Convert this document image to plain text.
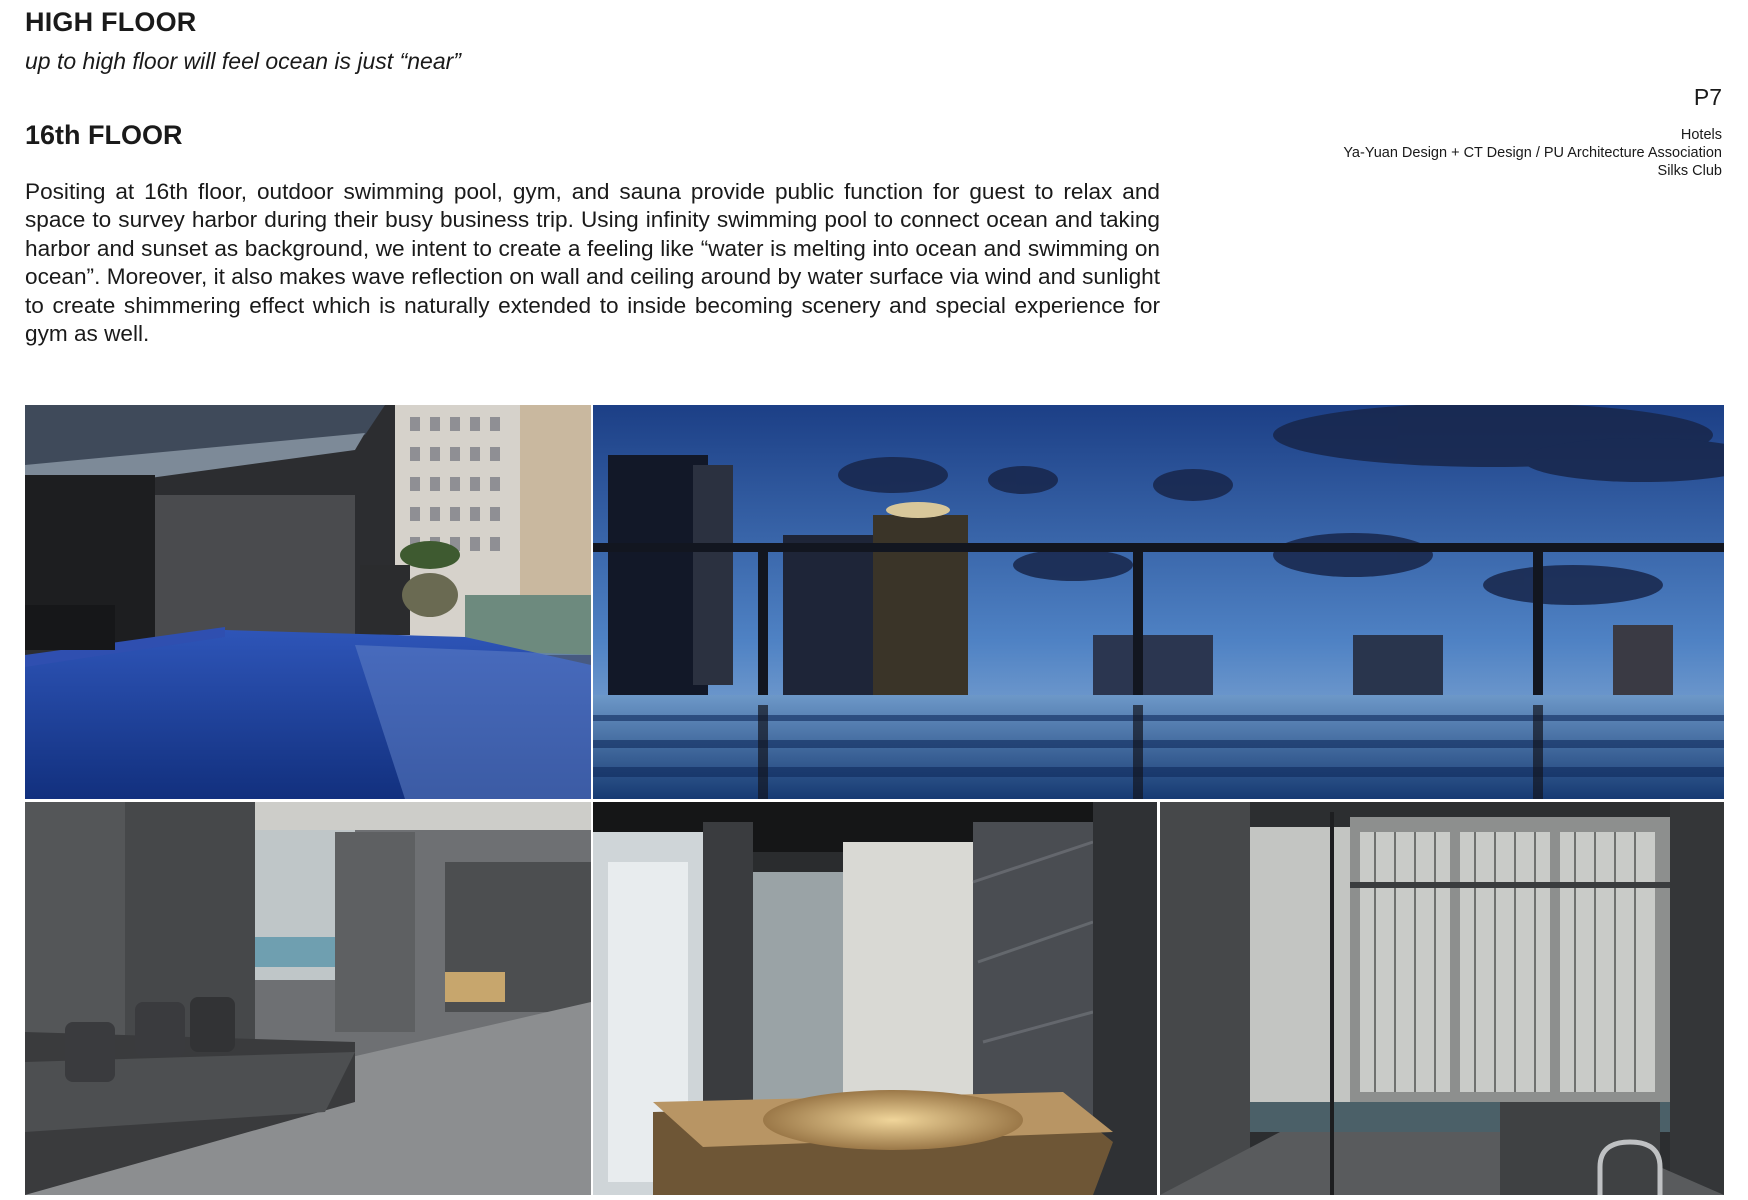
HIGH FLOOR
up to high floor will feel ocean is just “near”
P7
Hotels
Ya-Yuan Design + CT Design / PU Architecture Association
Silks Club
16th FLOOR
Positing at 16th floor, outdoor swimming pool, gym, and sauna provide public function for guest to relax and space to survey harbor during their busy business trip. Using infinity swimming pool to connect ocean and taking harbor and sunset as background, we intent to create a feeling like “water is melting into ocean and swimming on ocean”. Moreover, it also makes wave reflection on wall and ceiling around by water surface via wind and sunlight to create shimmering effect which is naturally extended to inside becoming scenery and special experience for gym as well.
